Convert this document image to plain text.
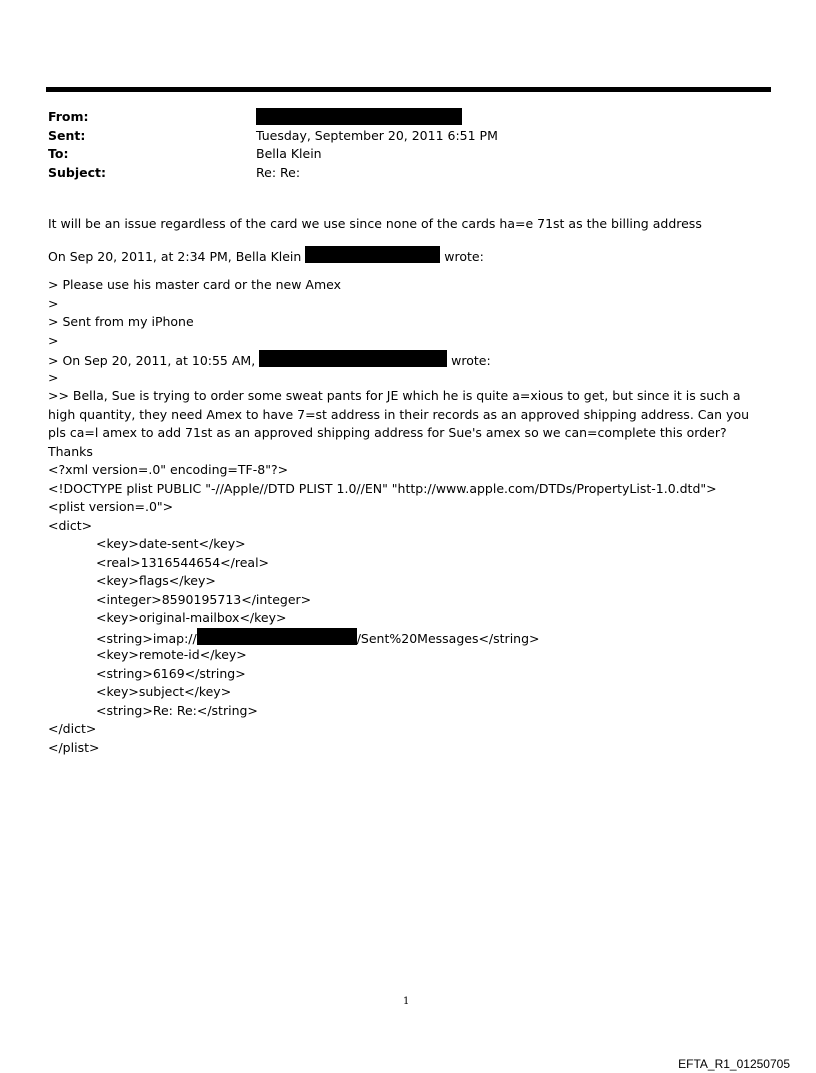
From:
Sent:	Tuesday, September 20, 2011 6:51 PM
To:	Bella Klein
Subject:	Re: Re:
It will be an issue regardless of the card we use since none of the cards ha=e 71st as the billing address
On Sep 20, 2011, at 2:34 PM, Bella Klein	wrote:
> Please use his master card or the new Amex
>
> Sent from my iPhone
>
> On Sep 20, 2011, at 10:55 AM,	wrote:
>
>> Bella, Sue is trying to order some sweat pants for JE which he is quite a=xious to get, but since it is such a high quantity, they need Amex to have 7=st address in their records as an approved shipping address. Can you pls ca=l amex to add 71st as an approved shipping address for Sue's amex so we can=complete this order? Thanks
<?xml version=.0" encoding=TF-8"?>
<!DOCTYPE plist PUBLIC "-//Apple//DTD PLIST 1.0//EN" "http://www.apple.com/DTDs/PropertyList-1.0.dtd">
<plist version=.0">
<dict>
<key>date-sent</key>
<real>1316544654</real>
<key>flags</key>
<integer>8590195713</integer>
<key>original-mailbox</key>
<string>imap://	/Sent%20Messages</string>
<key>remote-id</key>
<string>6169</string>
<key>subject</key>
<string>Re: Re:</string>
</dict>
</plist>
1
EFTA_R1_01250705
